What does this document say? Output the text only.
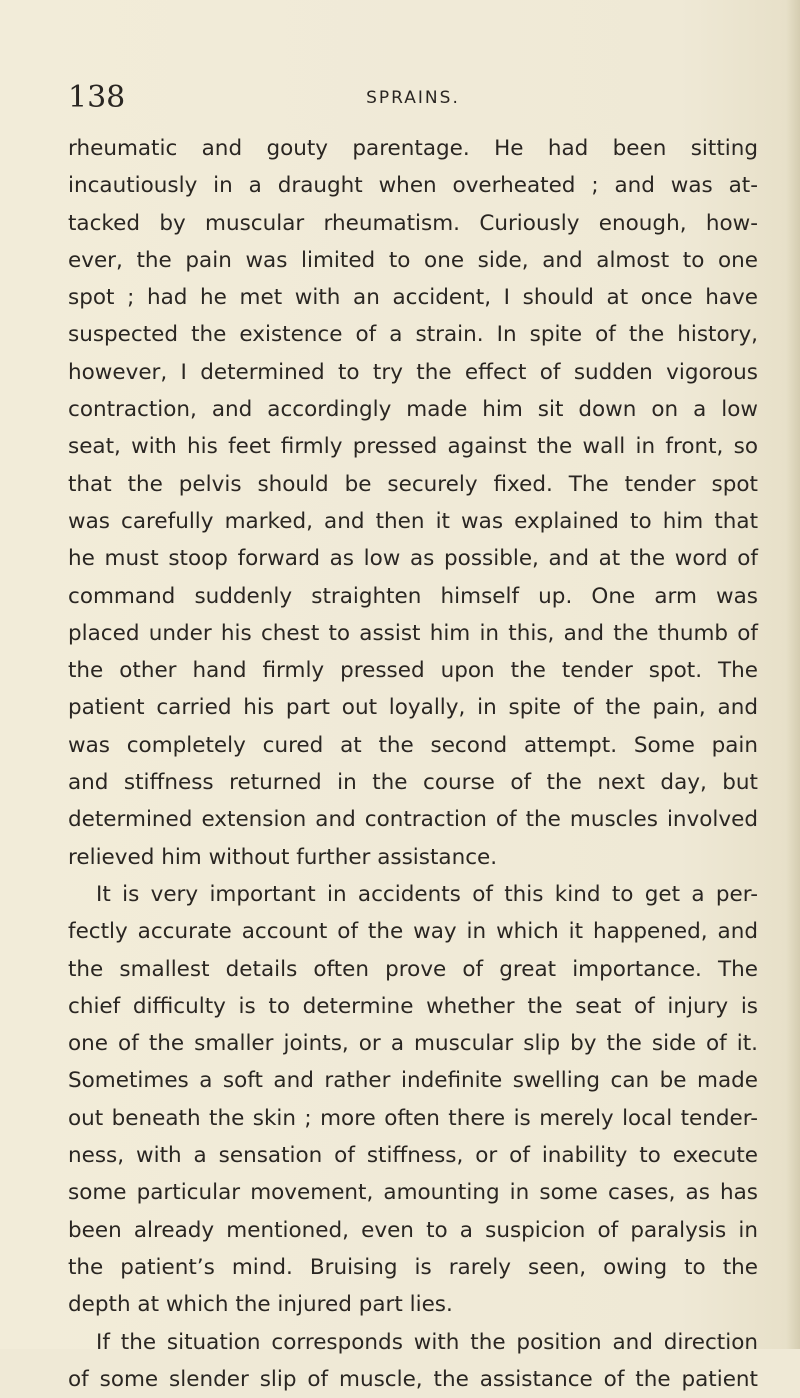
138	SPRAINS.
rheumatic and gouty parentage. He had been sitting
incautiously in a draught when overheated ; and was at-
tacked by muscular rheumatism. Curiously enough, how-
ever, the pain was limited to one side, and almost to one
spot ; had he met with an accident, I should at once have
suspected the existence of a strain. In spite of the history,
however, I determined to try the effect of sudden vigorous
contraction, and accordingly made him sit down on a low
seat, with his feet firmly pressed against the wall in front, so
that the pelvis should be securely fixed. The tender spot
was carefully marked, and then it was explained to him that
he must stoop forward as low as possible, and at the word of
command suddenly straighten himself up. One arm was
placed under his chest to assist him in this, and the thumb of
the other hand firmly pressed upon the tender spot. The
patient carried his part out loyally, in spite of the pain, and
was completely cured at the second attempt. Some pain
and stiffness returned in the course of the next day, but
determined extension and contraction of the muscles involved
relieved him without further assistance.
It is very important in accidents of this kind to get a per-
fectly accurate account of the way in which it happened, and
the smallest details often prove of great importance. The
chief difficulty is to determine whether the seat of injury is
one of the smaller joints, or a muscular slip by the side of it.
Sometimes a soft and rather indefinite swelling can be made
out beneath the skin ; more often there is merely local tender-
ness, with a sensation of stiffness, or of inability to execute
some particular movement, amounting in some cases, as has
been already mentioned, even to a suspicion of paralysis in
the patient’s mind. Bruising is rarely seen, owing to the
depth at which the injured part lies.
If the situation corresponds with the position and direction
of some slender slip of muscle, the assistance of the patient
